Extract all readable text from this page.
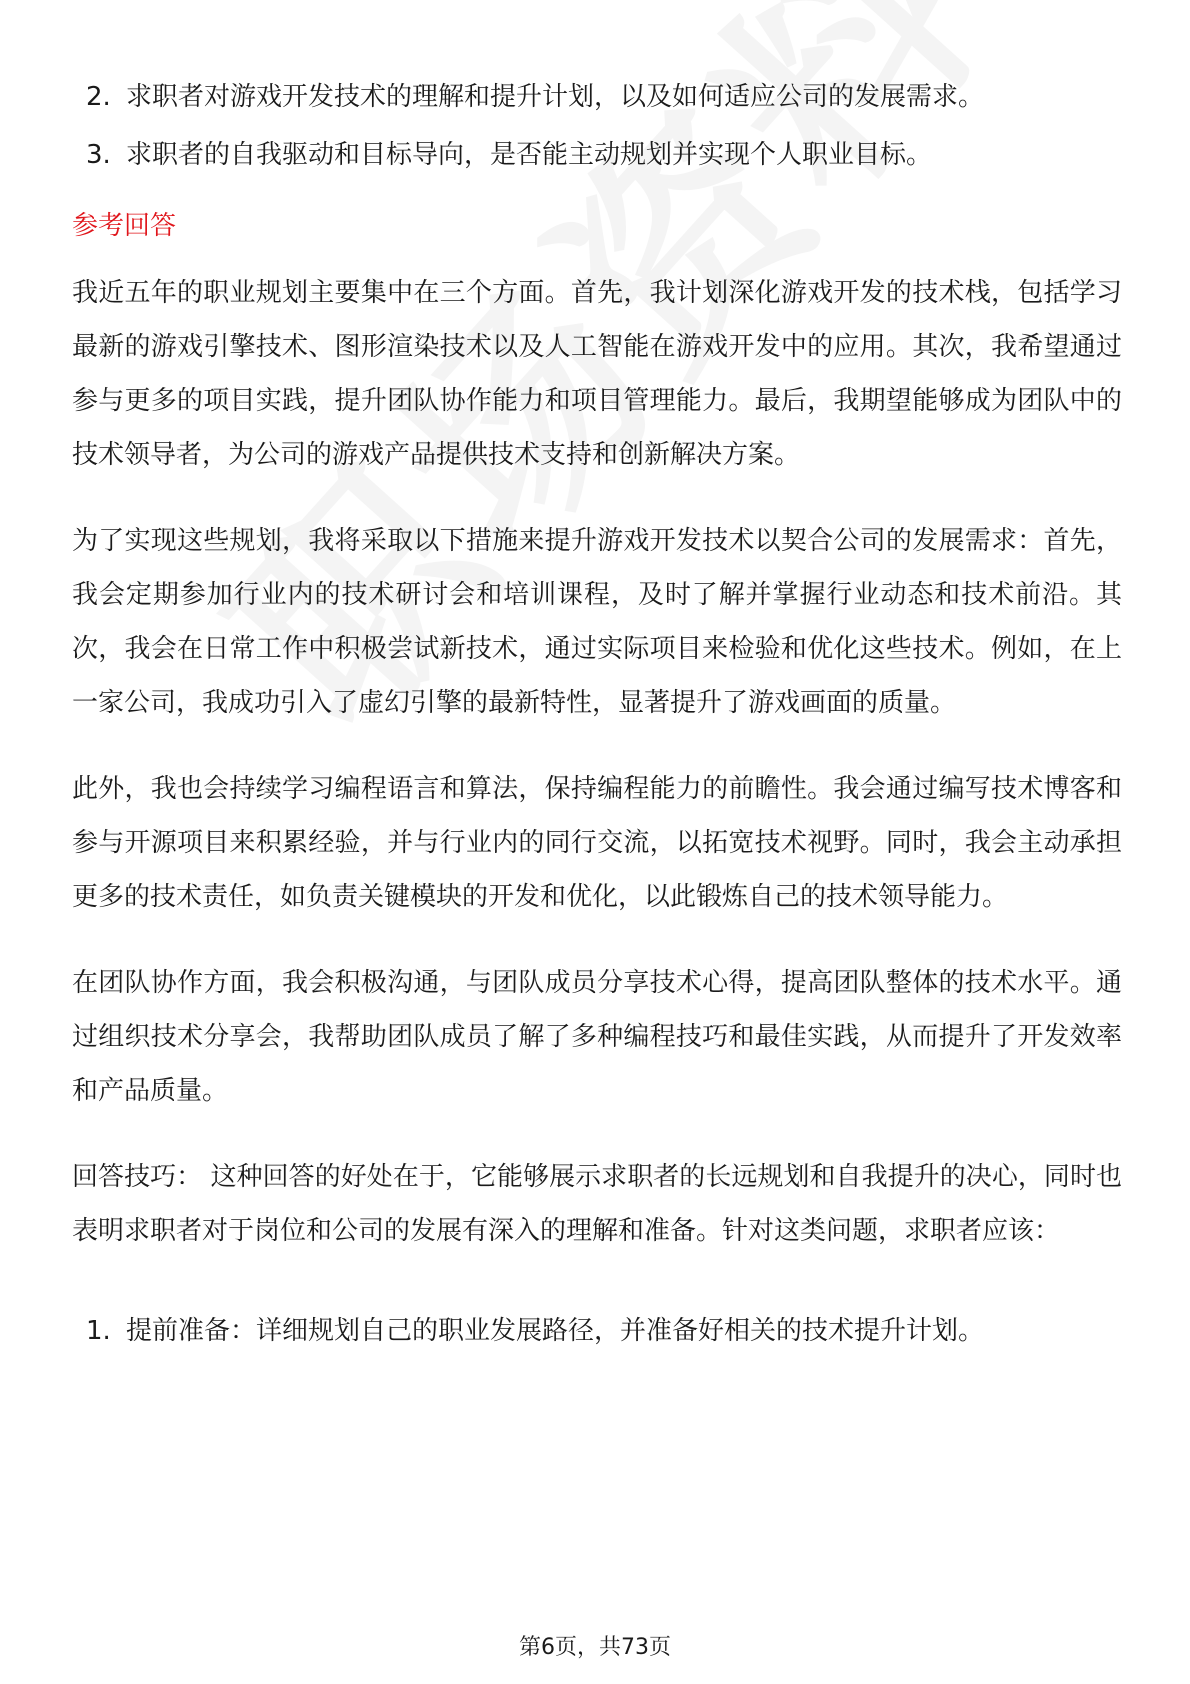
2. 求职者对游戏开发技术的理解和提升计划，以及如何适应公司的发展需求。
3. 求职者的自我驱动和目标导向，是否能主动规划并实现个人职业目标。
参考回答

我近五年的职业规划主要集中在三个方面。首先，我计划深化游戏开发的技术栈，包括学习最新的游戏引擎技术、图形渲染技术以及人工智能在游戏开发中的应用。其次，我希望通过参与更多的项目实践，提升团队协作能力和项目管理能力。最后，我期望能够成为团队中的技术领导者，为公司的游戏产品提供技术支持和创新解决方案。

为了实现这些规划，我将采取以下措施来提升游戏开发技术以契合公司的发展需求：首先，我会定期参加行业内的技术研讨会和培训课程，及时了解并掌握行业动态和技术前沿。其次，我会在日常工作中积极尝试新技术，通过实际项目来检验和优化这些技术。例如，在上一家公司，我成功引入了虚幻引擎的最新特性，显著提升了游戏画面的质量。

此外，我也会持续学习编程语言和算法，保持编程能力的前瞻性。我会通过编写技术博客和参与开源项目来积累经验，并与行业内的同行交流，以拓宽技术视野。同时，我会主动承担更多的技术责任，如负责关键模块的开发和优化，以此锻炼自己的技术领导能力。

在团队协作方面，我会积极沟通，与团队成员分享技术心得，提高团队整体的技术水平。通过组织技术分享会，我帮助团队成员了解了多种编程技巧和最佳实践，从而提升了开发效率和产品质量。

回答技巧： 这种回答的好处在于，它能够展示求职者的长远规划和自我提升的决心，同时也表明求职者对于岗位和公司的发展有深入的理解和准备。针对这类问题，求职者应该：

1. 提前准备：详细规划自己的职业发展路径，并准备好相关的技术提升计划。
第6页，共73页
